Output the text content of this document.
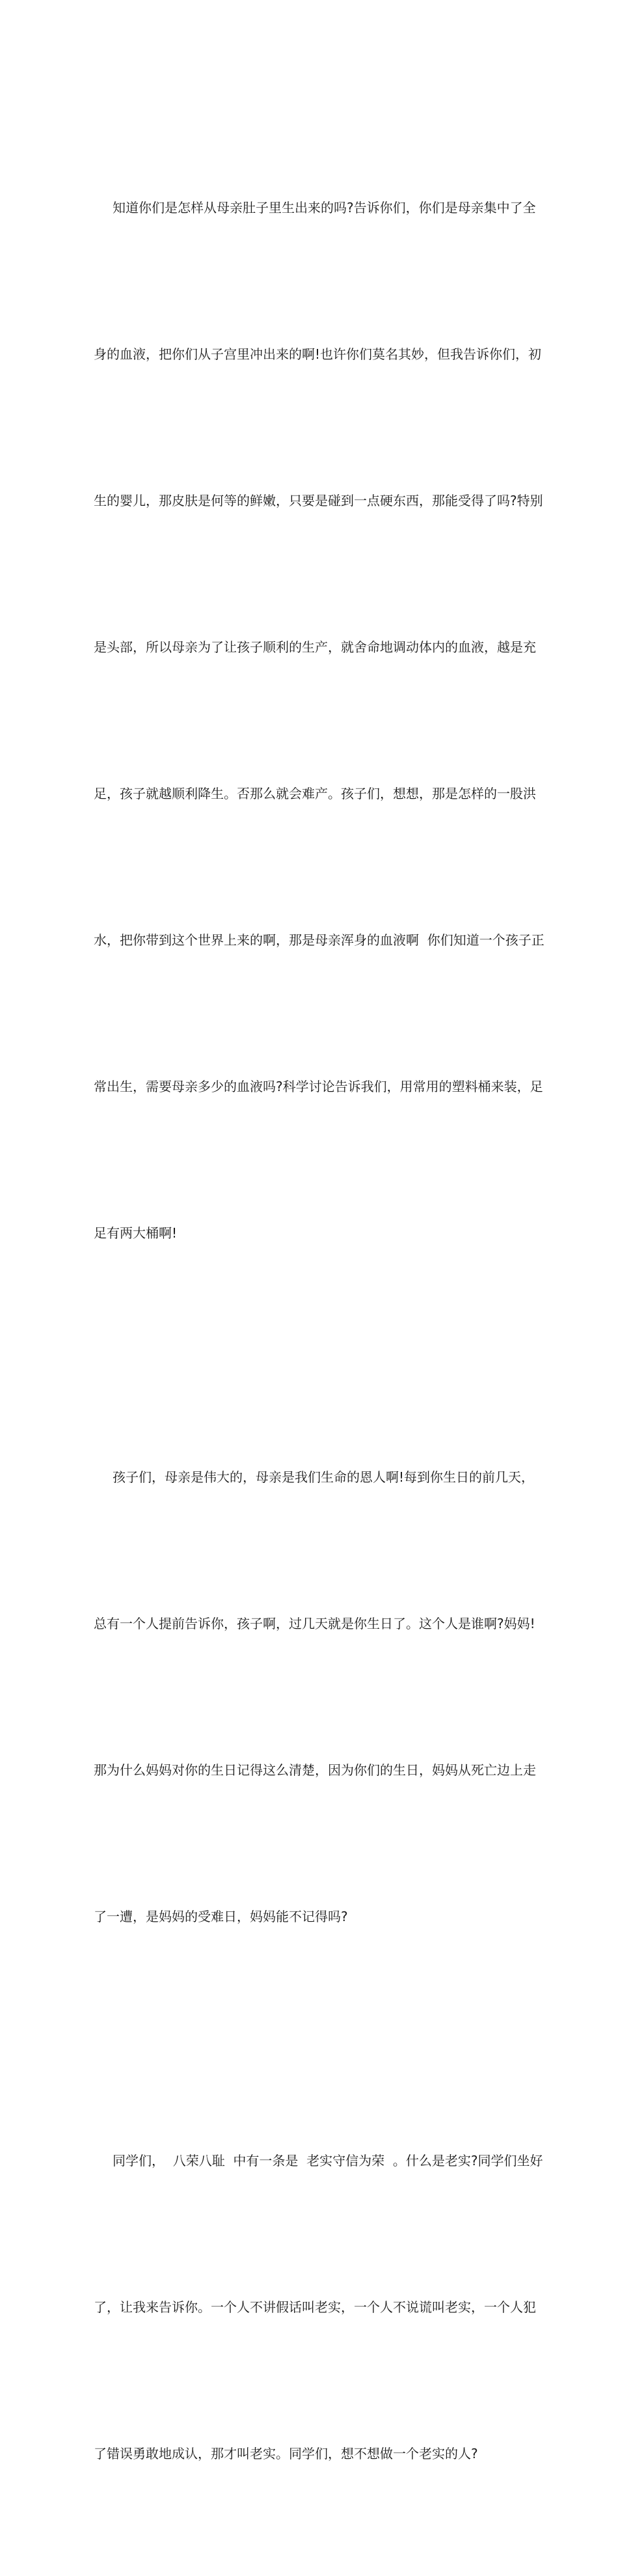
知道你们是怎样从母亲肚子里生出来的吗?告诉你们，你们是母亲集中了全

身的血液，把你们从子宫里冲出来的啊!也许你们莫名其妙，但我告诉你们，初

生的婴儿，那皮肤是何等的鲜嫩，只要是碰到一点硬东西，那能受得了吗?特别

是头部，所以母亲为了让孩子顺利的生产，就舍命地调动体内的血液，越是充

足，孩子就越顺利降生。否那么就会难产。孩子们，想想，那是怎样的一股洪

水，把你带到这个世界上来的啊，那是母亲浑身的血液啊  你们知道一个孩子正

常出生，需要母亲多少的血液吗?科学讨论告诉我们，用常用的塑料桶来装，足

足有两大桶啊!

孩子们，母亲是伟大的，母亲是我们生命的恩人啊!每到你生日的前几天，

总有一个人提前告诉你，孩子啊，过几天就是你生日了。这个人是谁啊?妈妈!

那为什么妈妈对你的生日记得这么清楚，因为你们的生日，妈妈从死亡边上走

了一遭，是妈妈的受难日，妈妈能不记得吗?

同学们，  八荣八耻  中有一条是  老实守信为荣  。什么是老实?同学们坐好

了，让我来告诉你。一个人不讲假话叫老实，一个人不说谎叫老实，一个人犯

了错误勇敢地成认，那才叫老实。同学们，想不想做一个老实的人?
